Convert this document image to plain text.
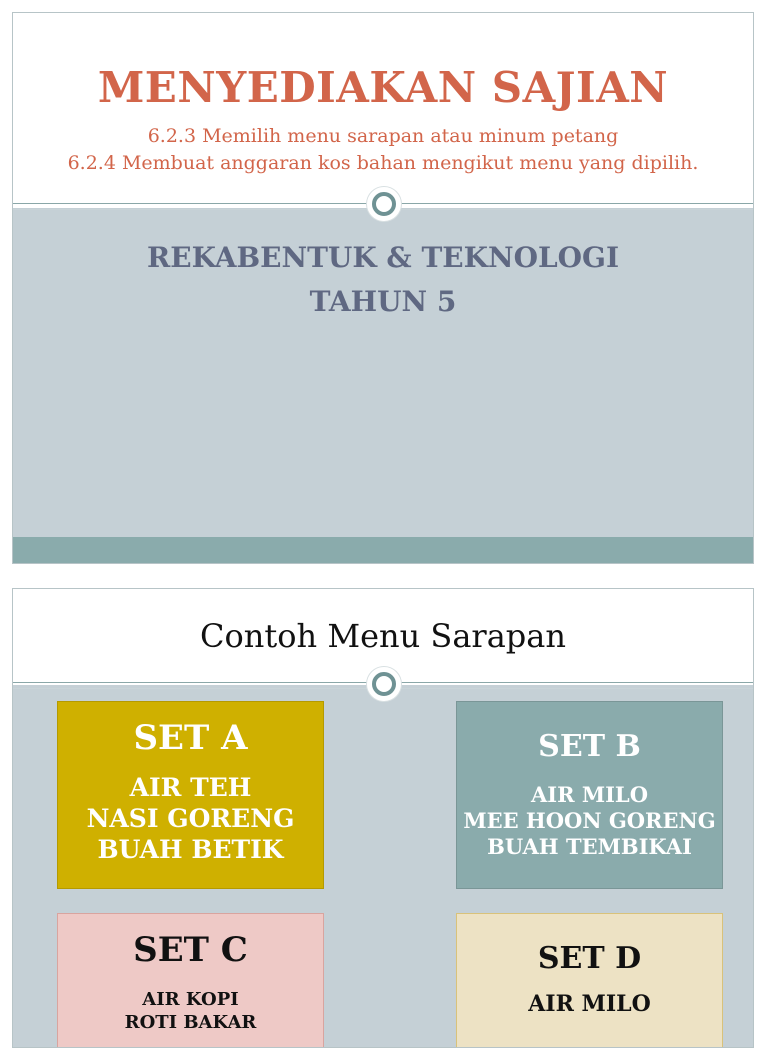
MENYEDIAKAN SAJIAN
6.2.3 Memilih menu sarapan atau minum petang
6.2.4 Membuat anggaran kos bahan mengikut menu yang dipilih.
REKABENTUK & TEKNOLOGI
TAHUN 5
Contoh Menu Sarapan
SET A
AIR TEH
NASI GORENG
BUAH BETIK
SET B
AIR MILO
MEE HOON GORENG
BUAH TEMBIKAI
SET C
AIR KOPI
ROTI BAKAR
SET D
AIR MILO
